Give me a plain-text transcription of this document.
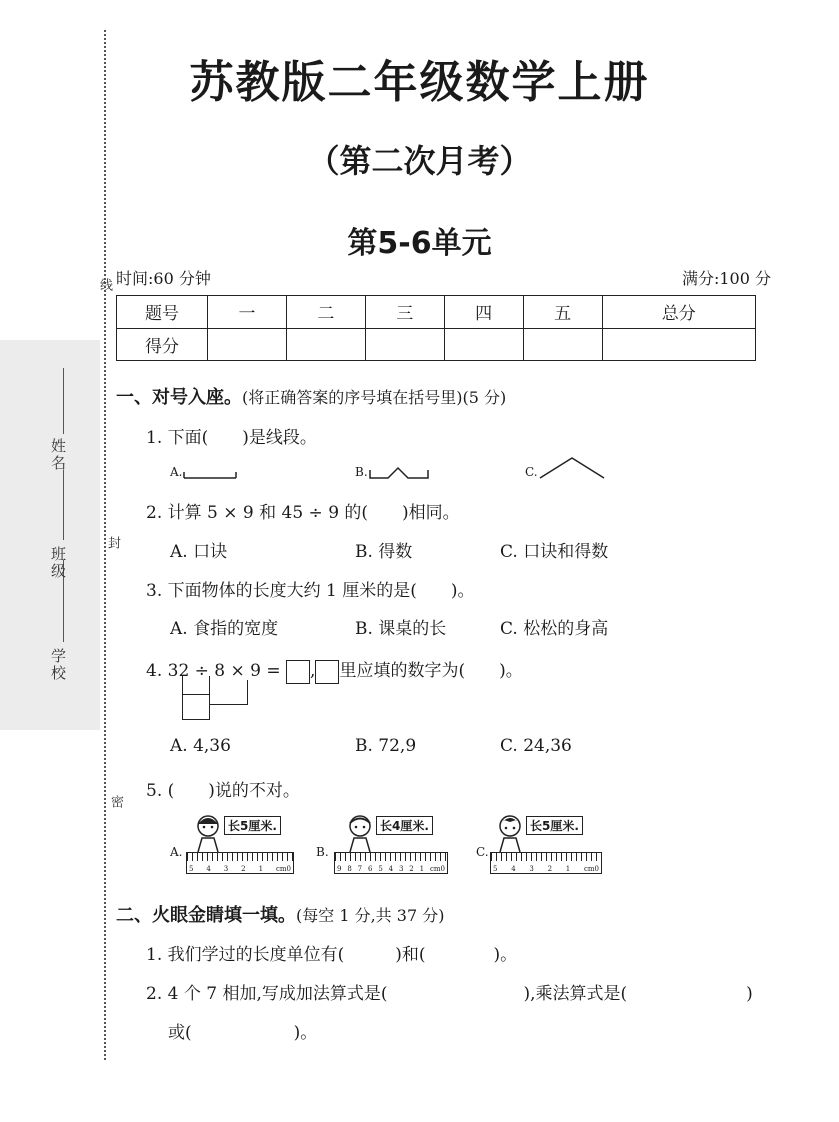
学校
班级
姓名
线
封
密
苏教版二年级数学上册
（第二次月考）
第5-6单元
时间:60 分钟	满分:100 分
题号	一	二	三	四	五	总分
得分						
一、对号入座。(将正确答案的序号填在括号里)(5 分)
1. 下面(　　)是线段。
A.	B.	C.
2. 计算 5 × 9 和 45 ÷ 9 的(　　)相同。
A. 口诀	B. 得数	C. 口诀和得数
3. 下面物体的长度大约 1 厘米的是(　　)。
A. 食指的宽度	B. 课桌的长	C. 松松的身高
4. 32 ÷ 8 × 9 = , 里应填的数字为(　　)。
A. 4,36	B. 72,9	C. 24,36
5. (　　)说的不对。
A.
长5厘米.
5 4 3 2 1 cm0
B.
长4厘米.
9 8 7 6 5 4 3 2 1 cm0
C.
长5厘米.
5 4 3 2 1 cm0
二、火眼金睛填一填。(每空 1 分,共 37 分)
1. 我们学过的长度单位有(　　　)和(　　　　)。
2. 4 个 7 相加,写成加法算式是(　　　　　　　　),乘法算式是(　　　　　　　)
或(　　　　　　)。
